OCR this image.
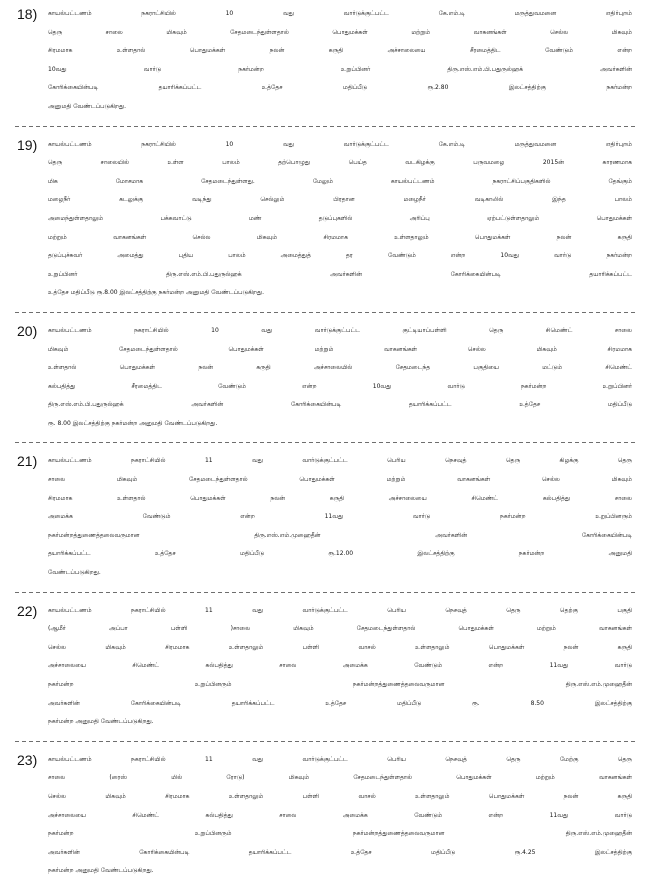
18)	காயல்பட்டணம் நகராட்சியில் 10 வது வார்டுக்குட்பட்ட கே.எம்.டி மருத்துவமனை எதிர்புறம்
தெரு சாலை மிகவும் சேதமடைந்துள்ளதால் பொதுமக்கள் மற்றும் வாகனங்கள் செல்ல மிகவும்
சிரமமாக உள்ளதால் பொதுமக்கள் நலன் கருதி அச்சாலையை சீரமைத்திட வேண்டும் என்ற
10வது வார்டு நகர்மன்ற உறுப்பினர் திரு.எஸ்.எம்.பி.பதுருல்ஹக் அவர்களின்
கோரிக்கையின்படி தயாரிக்கப்பட்ட உத்தேச மதிப்பீடு ரூ.2.80 இலட்சத்திற்கு நகர்மன்ற
அனுமதி வேண்டப்படுகிறது.
19)	காயல்பட்டணம் நகராட்சியில் 10 வது வார்டுக்குட்பட்ட கே.எம்.டி மருத்துவமனை எதிர்புறம்
தெரு சாலையில் உள்ள பாலம் தற்பொழுது பெய்த வடகிழக்கு பருவமழை 2015ன் காரணமாக
மிக மோசமாக சேதமடைந்துள்ளது. மேலும் காயல்பட்டணம் நகராட்சிப்பகுதிகளில் தேங்கும்
மழைநீர் கடலுக்கு வடிந்து செல்லும் பிரதான மழைநீர் வடிகாலில் இந்த பாலம்
அமைந்துள்ளதாலும் பக்கவாட்டு மண் தடுப்புகளில் அரிப்பு ஏற்பட்டுள்ளதாலும் பொதுமக்கள்
மற்றும் வாகனங்கள் செல்ல மிகவும் சிரமமாக உள்ளதாலும் பொதுமக்கள் நலன் கருதி
தடுப்புச்சுவர் அமைத்து புதிய பாலம் அமைத்துத் தர வேண்டும் என்ற 10வது வார்டு நகர்மன்ற
உறுப்பினர் திரு.எஸ்.எம்.பி.பதுருல்ஹக் அவர்களின் கோரிக்கையின்படி தயாரிக்கப்பட்ட
உத்தேச மதிப்பீடு ரூ.8.00 இலட்சத்திற்கு நகர்மன்ற அனுமதி வேண்டப்படுகிறது.
20)	காயல்பட்டணம் நகராட்சியில் 10 வது வார்டுக்குட்பட்ட குட்டியாப்பள்ளி தெரு சிமெண்ட் சாலை
மிகவும் சேதமடைந்துள்ளதால் பொதுமக்கள் மற்றும் வாகனங்கள் செல்ல மிகவும் சிரமமாக
உள்ளதால் பொதுமக்கள் நலன் கருதி அச்சாலையில் சேதமடைந்த பகுதியை மட்டும் சிமெண்ட்
கல்பதித்து சீரமைத்திட வேண்டும் என்ற 10வது வார்டு நகர்மன்ற உறுப்பினர்
திரு.எஸ்.எம்.பி.பதுருல்ஹக் அவர்களின் கோரிக்கையின்படி தயாரிக்கப்பட்ட உத்தேச மதிப்பீடு
ரூ. 8.00 இலட்சத்திற்கு நகர்மன்ற அனுமதி வேண்டப்படுகிறது.
21)	காயல்பட்டணம் நகராட்சியில் 11 வது வார்டுக்குட்பட்ட பெரிய நெசவுத் தெரு கிழக்கு தெரு
சாலை மிகவும் சேதமடைந்துள்ளதால் பொதுமக்கள் மற்றும் வாகனங்கள் செல்ல மிகவும்
சிரமமாக உள்ளதால் பொதுமக்கள் நலன் கருதி அச்சாலையை சிமெண்ட் கல்பதித்து சாலை
அமைக்க வேண்டும் என்ற 11வது வார்டு நகர்மன்ற உறுப்பினரும்
நகர்மன்றத்துணைத்தலைவருமான திரு.எஸ்.எம்.முஹைதீன் அவர்களின் கோரிக்கையின்படி
தயாரிக்கப்பட்ட உத்தேச மதிப்பீடு ரூ.12.00 இலட்சத்திற்கு நகர்மன்ற அனுமதி
வேண்டப்படுகிறது.
22)	காயல்பட்டணம் நகராட்சியில் 11 வது வார்டுக்குட்பட்ட பெரிய நெசவுத் தெரு தெற்கு பகுதி
(ஆமீர் அப்பா பள்ளி )சாலை மிகவும் சேதமடைந்துள்ளதால் பொதுமக்கள் மற்றும் வாகனங்கள்
செல்ல மிகவும் சிரமமாக உள்ளதாலும் பள்ளி வாசல் உள்ளதாலும் பொதுமக்கள் நலன் கருதி
அச்சாலையை சிமெண்ட் கல்பதித்து சாலை அமைக்க வேண்டும் என்ற 11வது வார்டு
நகர்மன்ற உறுப்பினரும் நகர்மன்றத்துணைத்தலைவருமான திரு.எஸ்.எம்.முஹைதீன்
அவர்களின் கோரிக்கையின்படி தயாரிக்கப்பட்ட உத்தேச மதிப்பீடு ரூ. 8.50 இலட்சத்திற்கு
நகர்மன்ற அனுமதி வேண்டப்படுகிறது.
23)	காயல்பட்டணம் நகராட்சியில் 11 வது வார்டுக்குட்பட்ட பெரிய நெசவுத் தெரு மேற்கு தெரு
சாலை (ரைஸ் மில் ரோடு) மிகவும் சேதமடைந்துள்ளதால் பொதுமக்கள் மற்றும் வாகனங்கள்
செல்ல மிகவும் சிரமமாக உள்ளதாலும் பள்ளி வாசல் உள்ளதாலும் பொதுமக்கள் நலன் கருதி
அச்சாலையை சிமெண்ட் கல்பதித்து சாலை அமைக்க வேண்டும் என்ற 11வது வார்டு
நகர்மன்ற உறுப்பினரும் நகர்மன்றத்துணைத்தலைவருமான திரு.எஸ்.எம்.முஹைதீன்
அவர்களின் கோரிக்கையின்படி தயாரிக்கப்பட்ட உத்தேச மதிப்பீடு ரூ.4.25 இலட்சத்திற்கு
நகர்மன்ற அனுமதி வேண்டப்படுகிறது.
